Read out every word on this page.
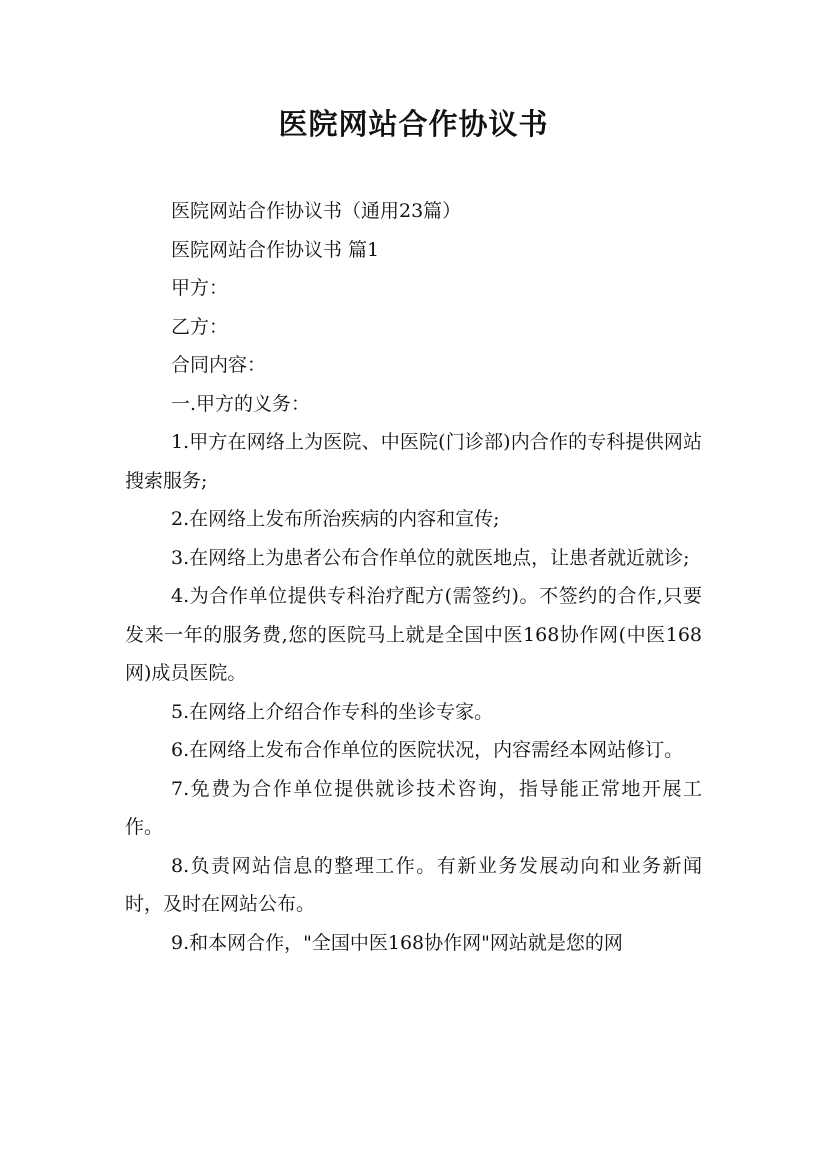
医院网站合作协议书

医院网站合作协议书（通用23篇）

医院网站合作协议书 篇1

甲方：

乙方：

合同内容：

一.甲方的义务：

1.甲方在网络上为医院、中医院(门诊部)内合作的专科提供网站搜索服务;

2.在网络上发布所治疾病的内容和宣传;

3.在网络上为患者公布合作单位的就医地点，让患者就近就诊;

4.为合作单位提供专科治疗配方(需签约)。不签约的合作,只要发来一年的服务费,您的医院马上就是全国中医168协作网(中医168网)成员医院。

5.在网络上介绍合作专科的坐诊专家。

6.在网络上发布合作单位的医院状况，内容需经本网站修订。

7.免费为合作单位提供就诊技术咨询，指导能正常地开展工作。

8.负责网站信息的整理工作。有新业务发展动向和业务新闻时，及时在网站公布。

9.和本网合作，"全国中医168协作网"网站就是您的网
